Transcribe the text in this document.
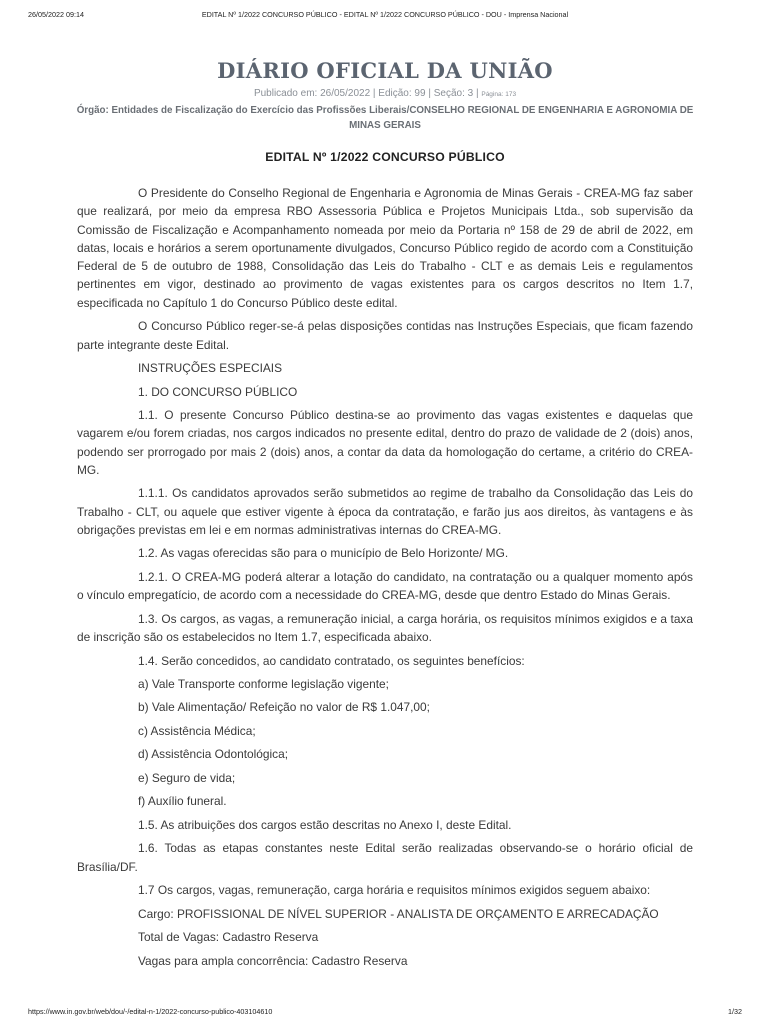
26/05/2022 09:14	EDITAL Nº 1/2022 CONCURSO PÚBLICO - EDITAL Nº 1/2022 CONCURSO PÚBLICO - DOU - Imprensa Nacional
DIÁRIO OFICIAL DA UNIÃO
Publicado em: 26/05/2022 | Edição: 99 | Seção: 3 | Página: 173
Órgão: Entidades de Fiscalização do Exercício das Profissões Liberais/CONSELHO REGIONAL DE ENGENHARIA E AGRONOMIA DE MINAS GERAIS
EDITAL Nº 1/2022 CONCURSO PÚBLICO

O Presidente do Conselho Regional de Engenharia e Agronomia de Minas Gerais - CREA-MG faz saber que realizará, por meio da empresa RBO Assessoria Pública e Projetos Municipais Ltda., sob supervisão da Comissão de Fiscalização e Acompanhamento nomeada por meio da Portaria nº 158 de 29 de abril de 2022, em datas, locais e horários a serem oportunamente divulgados, Concurso Público regido de acordo com a Constituição Federal de 5 de outubro de 1988, Consolidação das Leis do Trabalho - CLT e as demais Leis e regulamentos pertinentes em vigor, destinado ao provimento de vagas existentes para os cargos descritos no Item 1.7, especificada no Capítulo 1 do Concurso Público deste edital.

O Concurso Público reger-se-á pelas disposições contidas nas Instruções Especiais, que ficam fazendo parte integrante deste Edital.

INSTRUÇÕES ESPECIAIS

1. DO CONCURSO PÚBLICO

1.1. O presente Concurso Público destina-se ao provimento das vagas existentes e daquelas que vagarem e/ou forem criadas, nos cargos indicados no presente edital, dentro do prazo de validade de 2 (dois) anos, podendo ser prorrogado por mais 2 (dois) anos, a contar da data da homologação do certame, a critério do CREA-MG.

1.1.1. Os candidatos aprovados serão submetidos ao regime de trabalho da Consolidação das Leis do Trabalho - CLT, ou aquele que estiver vigente à época da contratação, e farão jus aos direitos, às vantagens e às obrigações previstas em lei e em normas administrativas internas do CREA-MG.

1.2. As vagas oferecidas são para o município de Belo Horizonte/ MG.

1.2.1. O CREA-MG poderá alterar a lotação do candidato, na contratação ou a qualquer momento após o vínculo empregatício, de acordo com a necessidade do CREA-MG, desde que dentro Estado do Minas Gerais.

1.3. Os cargos, as vagas, a remuneração inicial, a carga horária, os requisitos mínimos exigidos e a taxa de inscrição são os estabelecidos no Item 1.7, especificada abaixo.

1.4. Serão concedidos, ao candidato contratado, os seguintes benefícios:

a) Vale Transporte conforme legislação vigente;

b) Vale Alimentação/ Refeição no valor de R$ 1.047,00;

c) Assistência Médica;

d) Assistência Odontológica;

e) Seguro de vida;

f) Auxílio funeral.

1.5. As atribuições dos cargos estão descritas no Anexo I, deste Edital.

1.6. Todas as etapas constantes neste Edital serão realizadas observando-se o horário oficial de Brasília/DF.

1.7 Os cargos, vagas, remuneração, carga horária e requisitos mínimos exigidos seguem abaixo:

Cargo: PROFISSIONAL DE NÍVEL SUPERIOR - ANALISTA DE ORÇAMENTO E ARRECADAÇÃO

Total de Vagas: Cadastro Reserva

Vagas para ampla concorrência: Cadastro Reserva

https://www.in.gov.br/web/dou/-/edital-n-1/2022-concurso-publico-403104610	1/32
